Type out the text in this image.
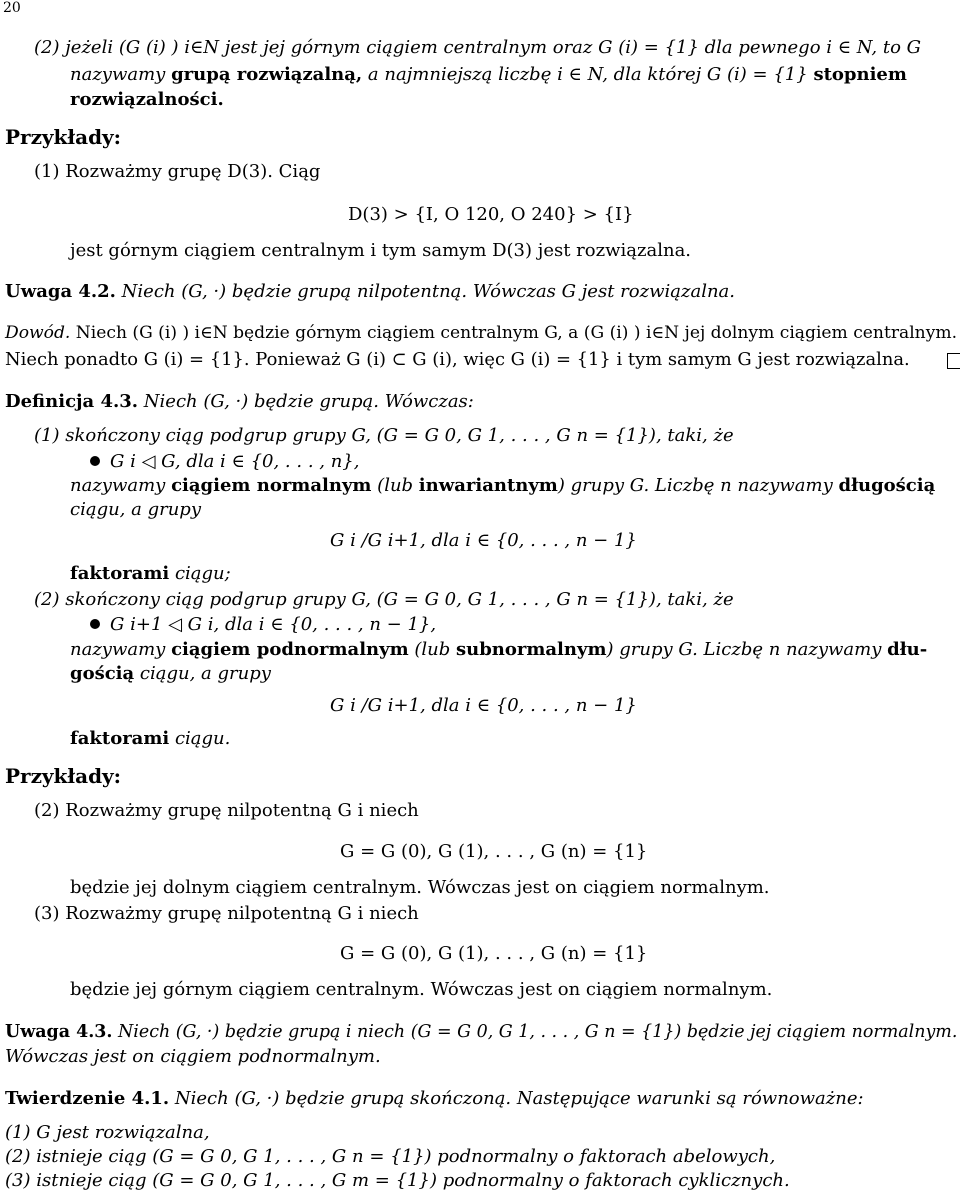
20
(2) jeżeli (G (i) ) i∈N jest jej górnym ciągiem centralnym oraz G (i) = {1} dla pewnego i ∈ N, to G
nazywamy grupą rozwiązalną, a najmniejszą liczbę i ∈ N, dla której G (i) = {1} stopniem
rozwiązalności.
Przykłady:
(1) Rozważmy grupę D(3). Ciąg
D(3) > {I, O 120, O 240} > {I}
jest górnym ciągiem centralnym i tym samym D(3) jest rozwiązalna.
Uwaga 4.2. Niech (G, ·) będzie grupą nilpotentną. Wówczas G jest rozwiązalna.
Dowód. Niech (G (i) ) i∈N będzie górnym ciągiem centralnym G, a (G (i) ) i∈N jej dolnym ciągiem centralnym.
Niech ponadto G (i) = {1}. Ponieważ G (i) ⊂ G (i), więc G (i) = {1} i tym samym G jest rozwiązalna.
Definicja 4.3. Niech (G, ·) będzie grupą. Wówczas:
(1) skończony ciąg podgrup grupy G, (G = G 0, G 1, . . . , G n = {1}), taki, że
G i ◁ G, dla i ∈ {0, . . . , n},
nazywamy ciągiem normalnym (lub inwariantnym) grupy G. Liczbę n nazywamy długością
ciągu, a grupy
G i /G i+1, dla i ∈ {0, . . . , n − 1}
faktorami ciągu;
(2) skończony ciąg podgrup grupy G, (G = G 0, G 1, . . . , G n = {1}), taki, że
G i+1 ◁ G i, dla i ∈ {0, . . . , n − 1},
nazywamy ciągiem podnormalnym (lub subnormalnym) grupy G. Liczbę n nazywamy dłu-
gością ciągu, a grupy
G i /G i+1, dla i ∈ {0, . . . , n − 1}
faktorami ciągu.
Przykłady:
(2) Rozważmy grupę nilpotentną G i niech
G = G (0), G (1), . . . , G (n) = {1}
będzie jej dolnym ciągiem centralnym. Wówczas jest on ciągiem normalnym.
(3) Rozważmy grupę nilpotentną G i niech
G = G (0), G (1), . . . , G (n) = {1}
będzie jej górnym ciągiem centralnym. Wówczas jest on ciągiem normalnym.
Uwaga 4.3. Niech (G, ·) będzie grupą i niech (G = G 0, G 1, . . . , G n = {1}) będzie jej ciągiem normalnym.
Wówczas jest on ciągiem podnormalnym.
Twierdzenie 4.1. Niech (G, ·) będzie grupą skończoną. Następujące warunki są równoważne:
(1) G jest rozwiązalna,
(2) istnieje ciąg (G = G 0, G 1, . . . , G n = {1}) podnormalny o faktorach abelowych,
(3) istnieje ciąg (G = G 0, G 1, . . . , G m = {1}) podnormalny o faktorach cyklicznych.
